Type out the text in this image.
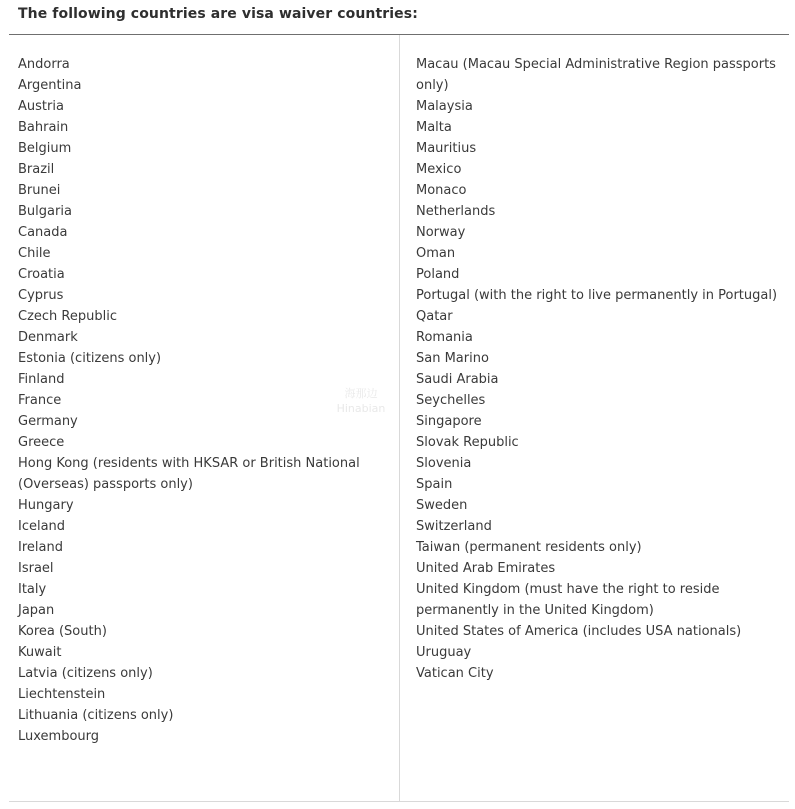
The following countries are visa waiver countries:
Andorra
Argentina
Austria
Bahrain
Belgium
Brazil
Brunei
Bulgaria
Canada
Chile
Croatia
Cyprus
Czech Republic
Denmark
Estonia (citizens only)
Finland
France
Germany
Greece
Hong Kong (residents with HKSAR or British National (Overseas) passports only)
Hungary
Iceland
Ireland
Israel
Italy
Japan
Korea (South)
Kuwait
Latvia (citizens only)
Liechtenstein
Lithuania (citizens only)
Luxembourg
Macau (Macau Special Administrative Region passports only)
Malaysia
Malta
Mauritius
Mexico
Monaco
Netherlands
Norway
Oman
Poland
Portugal (with the right to live permanently in Portugal)
Qatar
Romania
San Marino
Saudi Arabia
Seychelles
Singapore
Slovak Republic
Slovenia
Spain
Sweden
Switzerland
Taiwan (permanent residents only)
United Arab Emirates
United Kingdom (must have the right to reside permanently in the United Kingdom)
United States of America (includes USA nationals)
Uruguay
Vatican City
海那边
Hinabian
